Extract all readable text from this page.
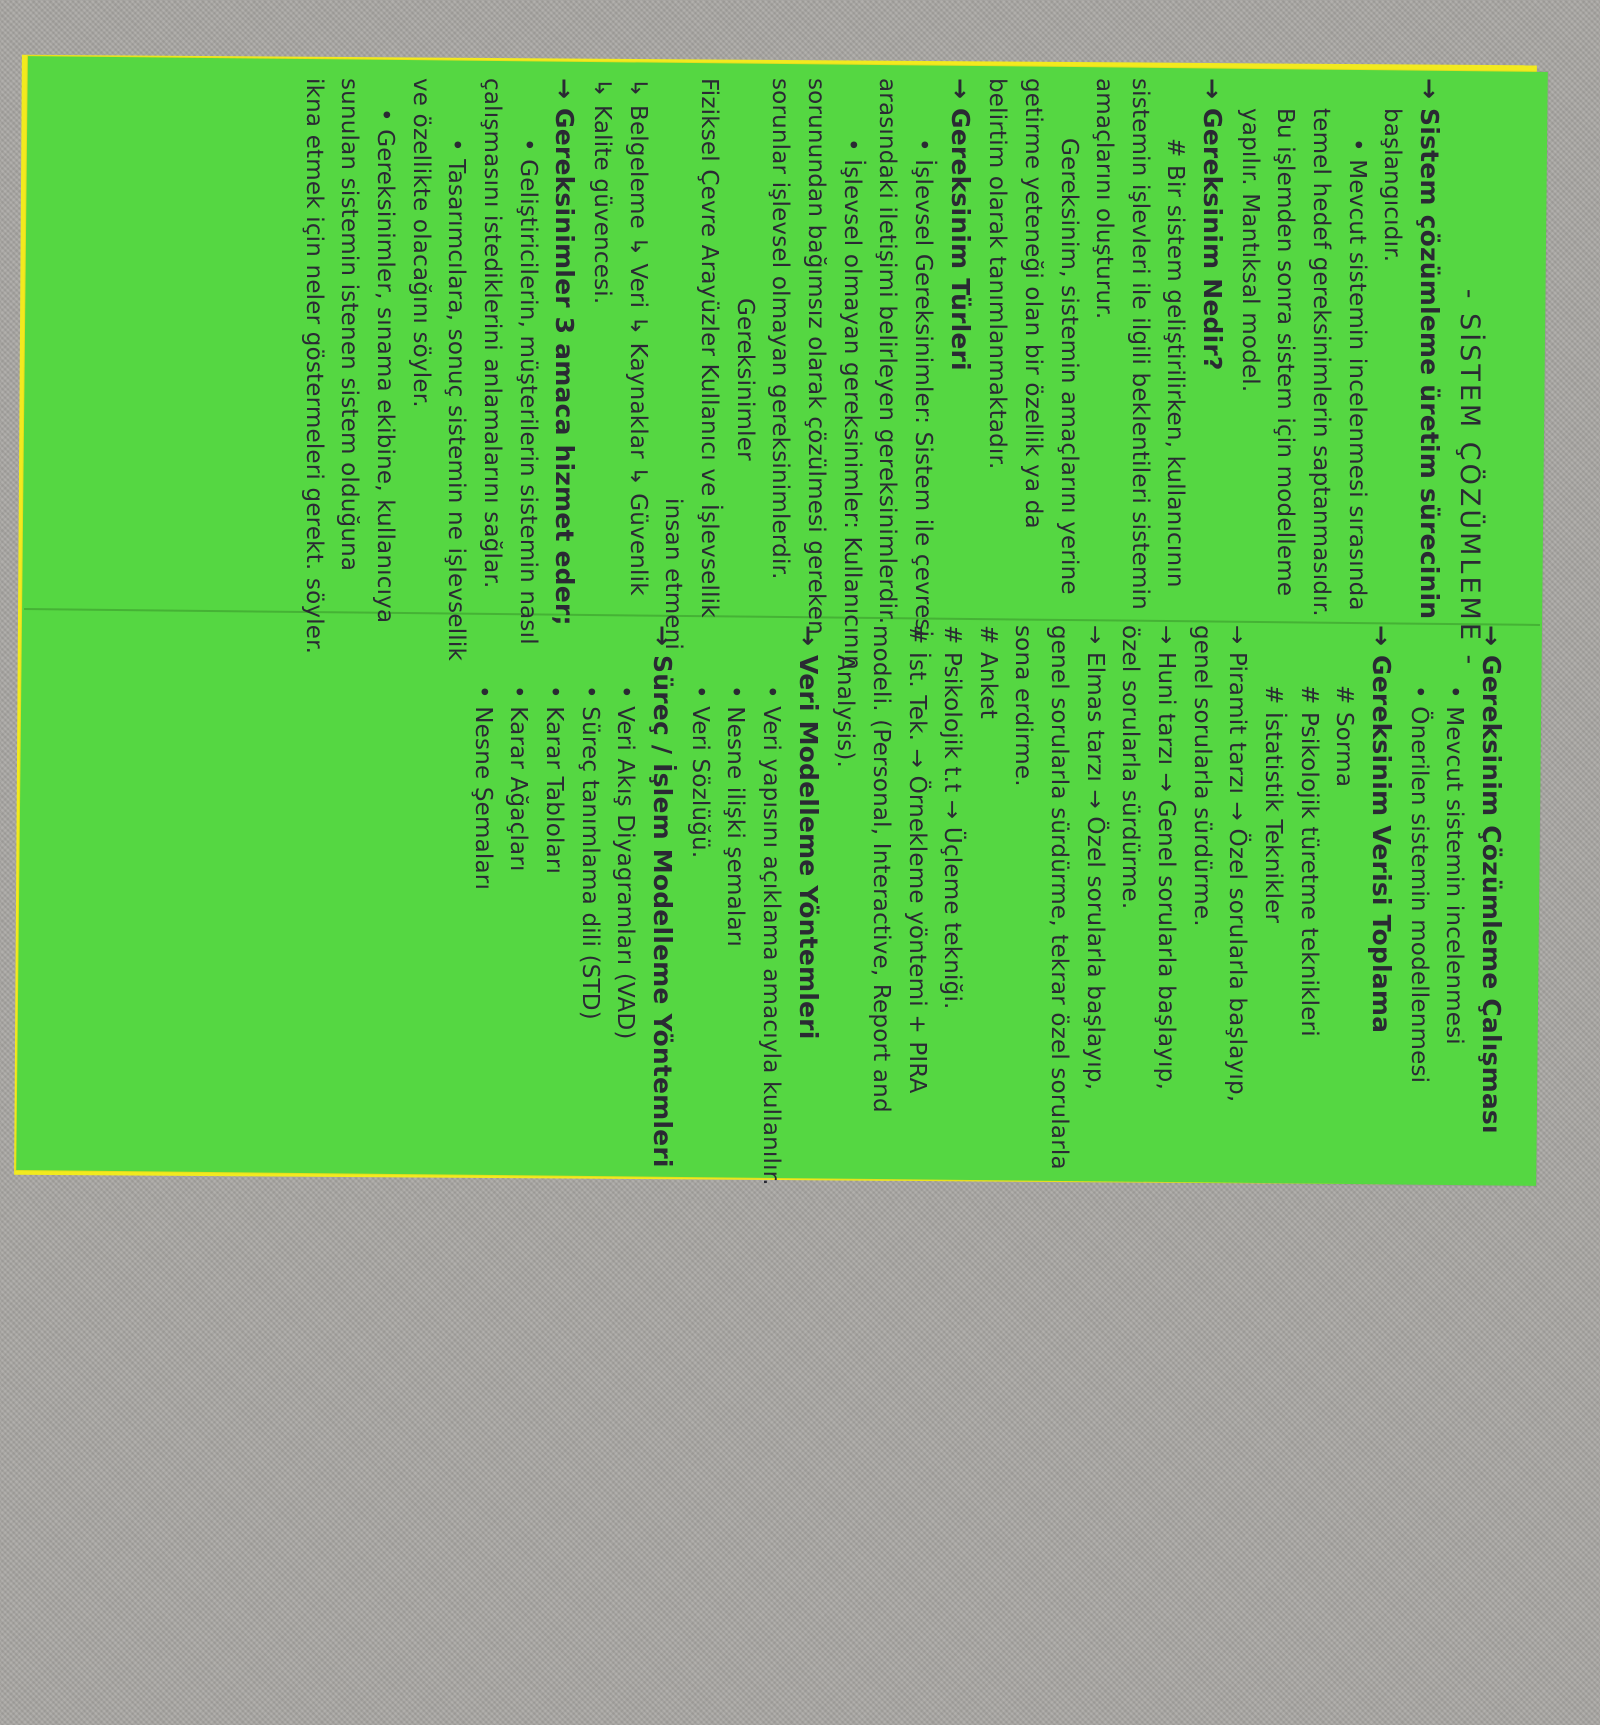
- SİSTEM ÇÖZÜMLEME -
→ Sistem çözümleme üretim sürecinin
başlangıcıdır.
• Mevcut sistemin incelenmesi sırasında
temel hedef gereksinimlerin saptanmasıdır.
Bu işlemden sonra sistem için modelleme
yapılır. Mantıksal model.
→ Gereksinim Nedir?
# Bir sistem geliştirilirken, kullanıcının
sistemin işlevleri ile ilgili beklentileri sistemin
amaçlarını oluşturur.
Gereksinim, sistemin amaçlarını yerine
getirme yeteneği olan bir özellik ya da
belirtim olarak tanımlanmaktadır.
→ Gereksinim Türleri
• İşlevsel Gereksinimler: Sistem ile çevresi
arasındaki iletişimi belirleyen gereksinimlerdir.
• İşlevsel olmayan gereksinimler: Kullanıcının
sorunundan bağımsız olarak çözülmesi gereken
sorunlar işlevsel olmayan gereksinimlerdir.
Gereksinimler
Fiziksel Çevre Arayüzler Kullanıcı ve İşlevsellik
insan etmeni
↳ Belgeleme ↳ Veri ↳ Kaynaklar ↳ Güvenlik
↳ Kalite güvencesi.
→ Gereksinimler 3 amaca hizmet eder;
• Geliştiricilerin, müşterilerin sistemin nasıl
çalışmasını istediklerini anlamalarını sağlar.
• Tasarımcılara, sonuç sistemin ne işlevsellik
ve özellikte olacağını söyler.
• Gereksinimler, sınama ekibine, kullanıcıya
sunulan sistemin istenen sistem olduğuna
ikna etmek için neler göstermeleri gerekt. söyler.
→ Gereksinim Çözümleme Çalışması
• Mevcut sistemin incelenmesi
• Önerilen sistemin modellenmesi
→ Gereksinim Verisi Toplama
# Sorma
# Psikolojik türetme teknikleri
# İstatistik Teknikler
→ Piramit tarzı → Özel sorularla başlayıp,
genel sorularla sürdürme.
→ Huni tarzı → Genel sorularla başlayıp,
özel sorularla sürdürme.
→ Elmas tarzı → Özel sorularla başlayıp,
genel sorularla sürdürme, tekrar özel sorularla
sona erdirme.
# Anket
# Psikolojik t.t → Üçleme tekniği.
# İst. Tek. → Örnekleme yöntemi + PIRA
modeli. (Personal, Interactive, Report and
Analysis).
→ Veri Modelleme Yöntemleri
• Veri yapısını açıklama amacıyla kullanılır.
• Nesne ilişki şemaları
• Veri Sözlüğü.
→ Süreç / İşlem Modelleme Yöntemleri
• Veri Akış Diyagramları (VAD)
• Süreç tanımlama dili (STD)
• Karar Tabloları
• Karar Ağaçları
• Nesne Şemaları
